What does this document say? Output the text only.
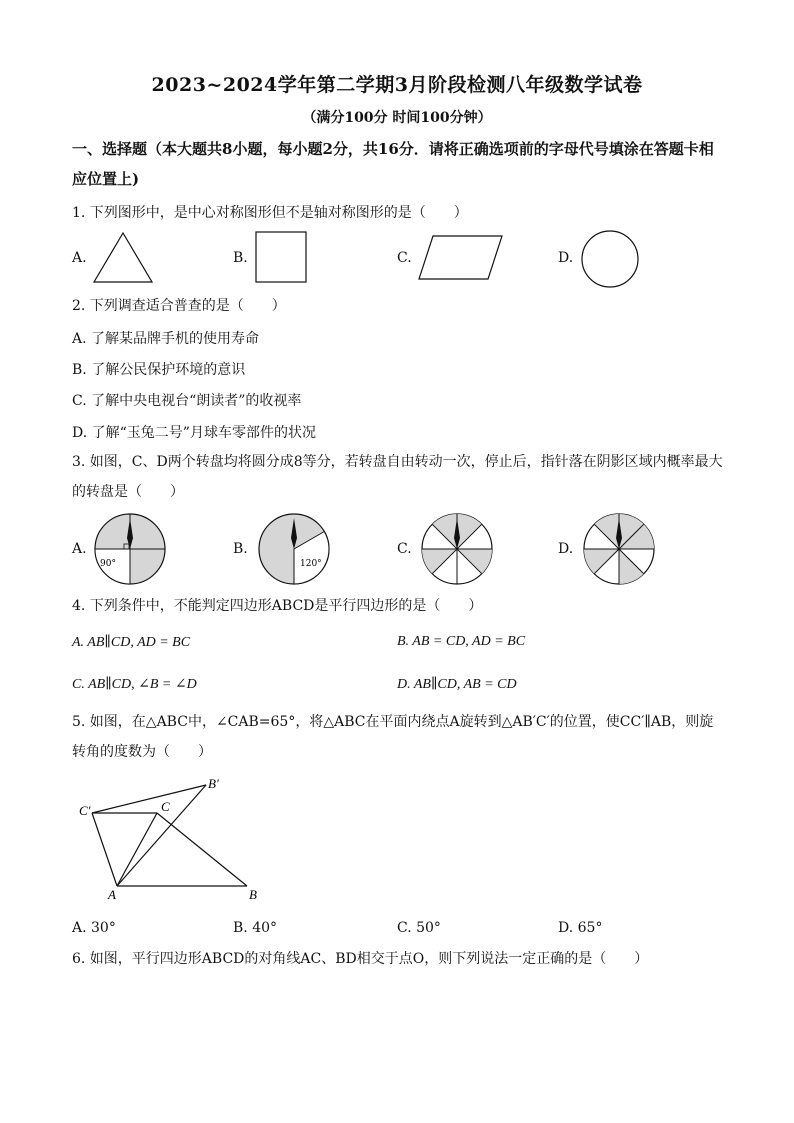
2023~2024学年第二学期3月阶段检测八年级数学试卷
（满分100分 时间100分钟）
一、选择题（本大题共8小题，每小题2分，共16分．请将正确选项前的字母代号填涂在答题卡相应位置上)
1. 下列图形中，是中心对称图形但不是轴对称图形的是（　　）
A.	B.	C.	D.
2. 下列调查适合普查的是（　　）
A. 了解某品牌手机的使用寿命
B. 了解公民保护环境的意识
C. 了解中央电视台“朗读者”的收视率
D. 了解“玉兔二号”月球车零部件的状况
3. 如图，C、D两个转盘均将圆分成8等分，若转盘自由转动一次，停止后，指针落在阴影区域内概率最大的转盘是（　　）
A.	B.	C.	D.
90°	120°
4. 下列条件中，不能判定四边形ABCD是平行四边形的是（　　）
A. AB∥CD, AD = BC	B. AB = CD, AD = BC
C. AB∥CD, ∠B = ∠D	D. AB∥CD, AB = CD
5. 如图，在△ABC中，∠CAB=65°，将△ABC在平面内绕点A旋转到△AB′C′的位置，使CC′∥AB，则旋转角的度数为（　　）
C′	C
B′
A	B
A. 30°	B. 40°	C. 50°	D. 65°
6. 如图，平行四边形ABCD的对角线AC、BD相交于点O，则下列说法一定正确的是（　　）
